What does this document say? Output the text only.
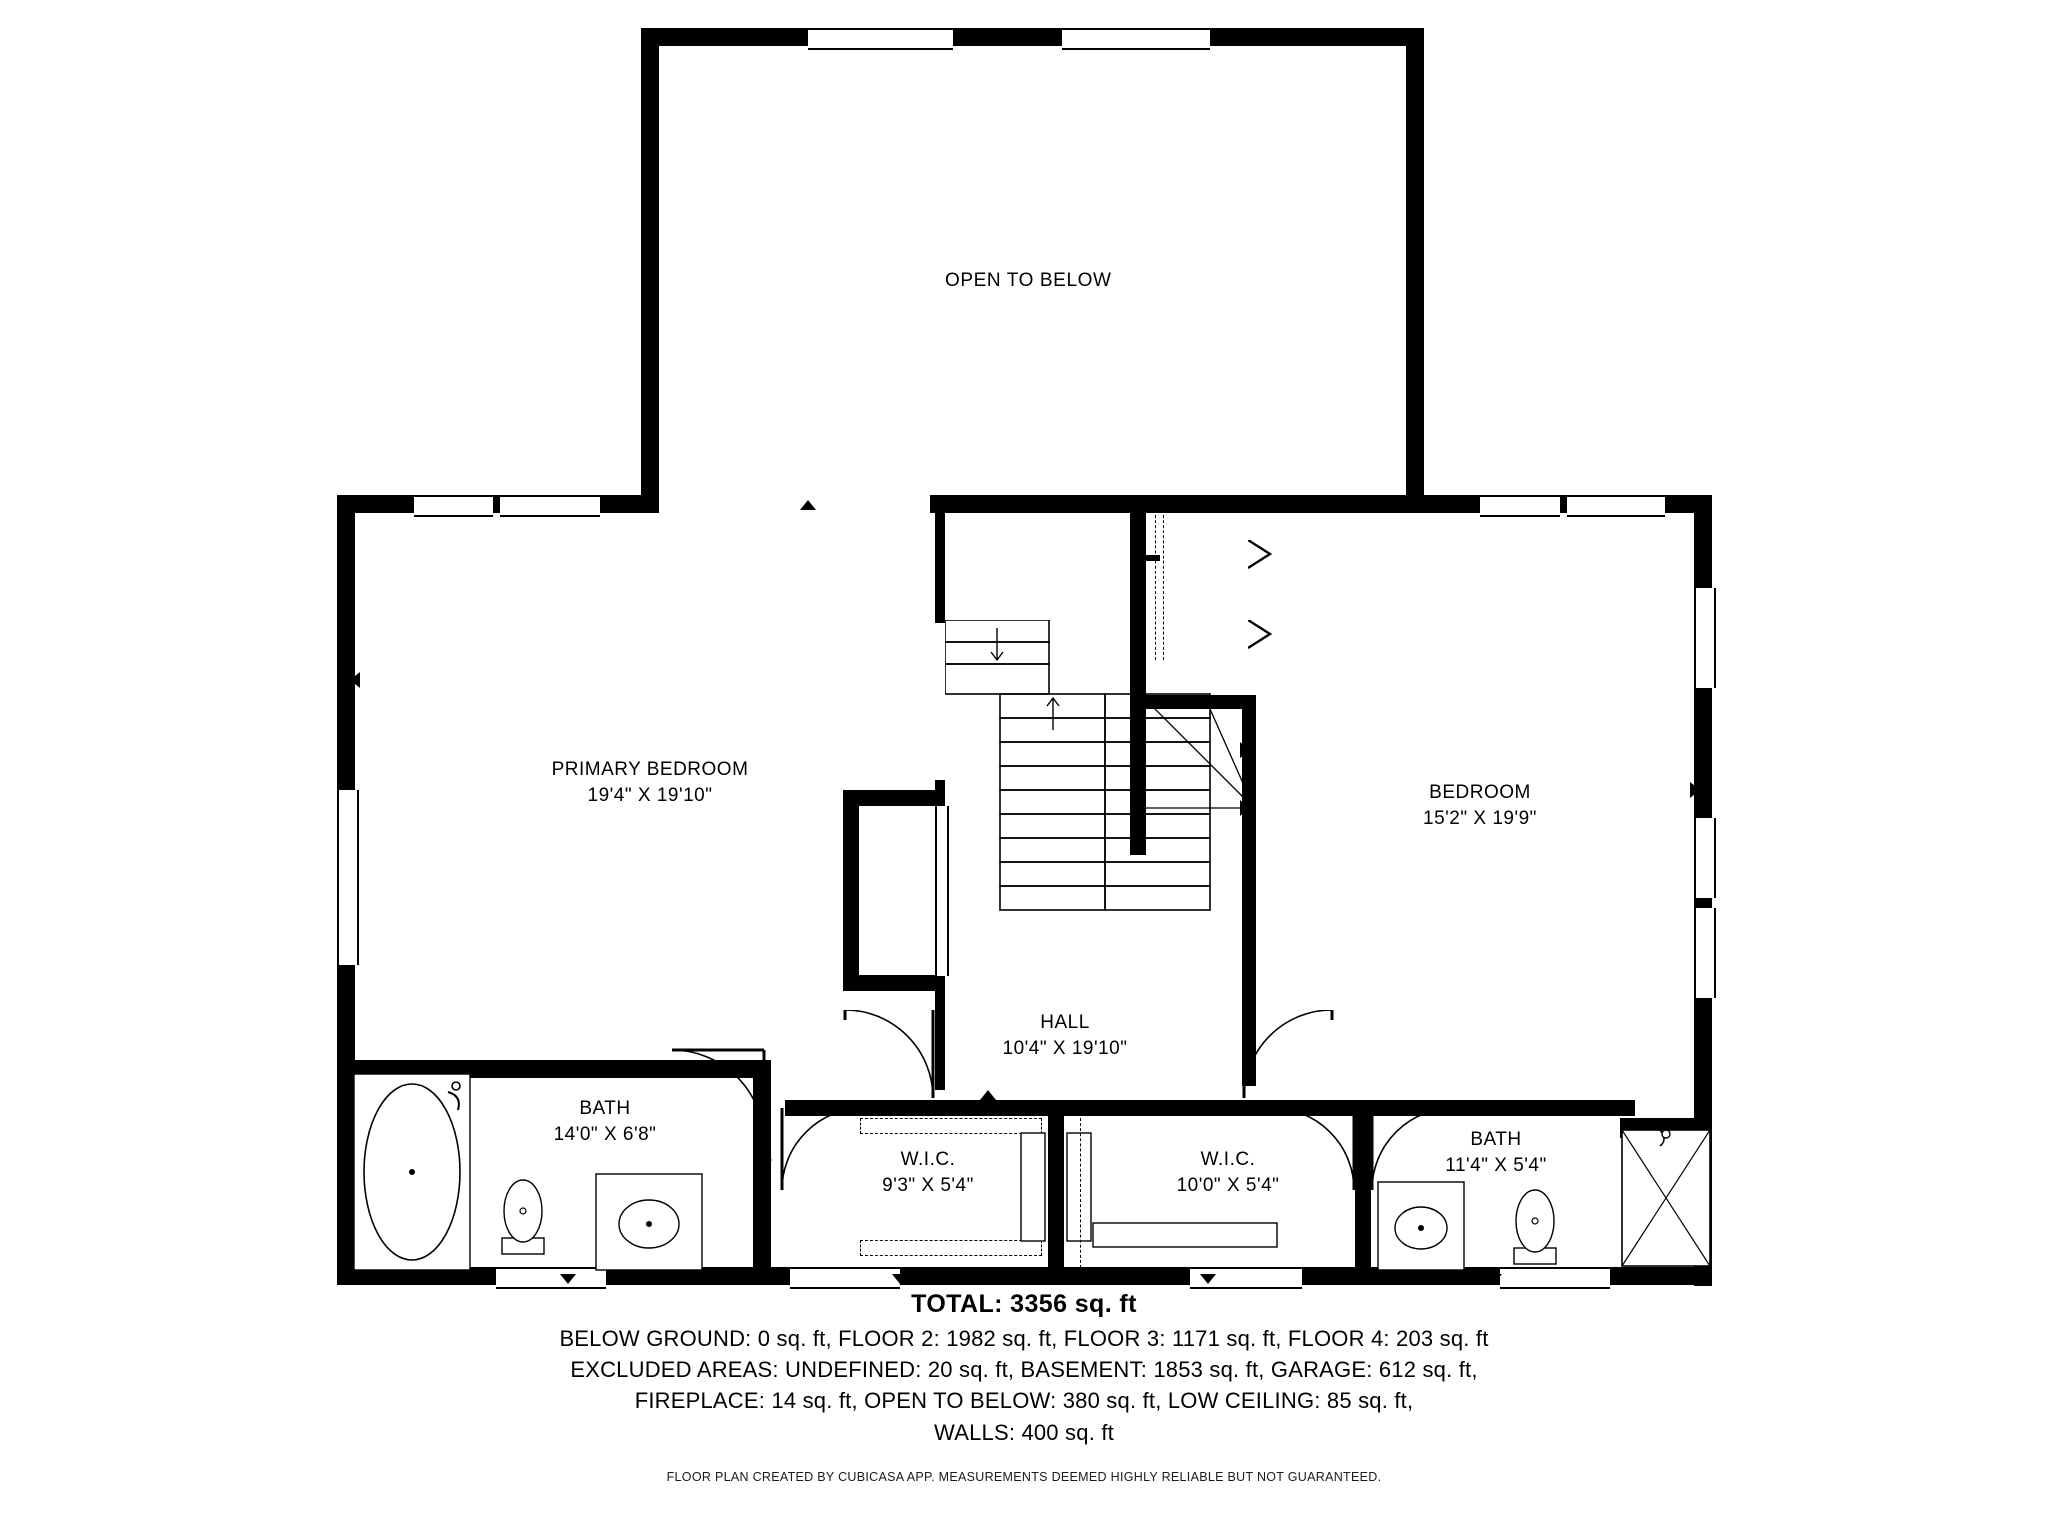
OPEN TO BELOW
PRIMARY BEDROOM
19'4" X 19'10"	BEDROOM
15'2" X 19'9"
HALL
10'4" X 19'10"
BATH
14'0" X 6'8"	BATH
11'4" X 5'4"
W.I.C.
9'3" X 5'4"
W.I.C.
10'0" X 5'4"
TOTAL: 3356 sq. ft
BELOW GROUND: 0 sq. ft, FLOOR 2: 1982 sq. ft, FLOOR 3: 1171 sq. ft, FLOOR 4: 203 sq. ft
EXCLUDED AREAS: UNDEFINED: 20 sq. ft, BASEMENT: 1853 sq. ft, GARAGE: 612 sq. ft,
FIREPLACE: 14 sq. ft, OPEN TO BELOW: 380 sq. ft, LOW CEILING: 85 sq. ft,
WALLS: 400 sq. ft
FLOOR PLAN CREATED BY CUBICASA APP. MEASUREMENTS DEEMED HIGHLY RELIABLE BUT NOT GUARANTEED.
